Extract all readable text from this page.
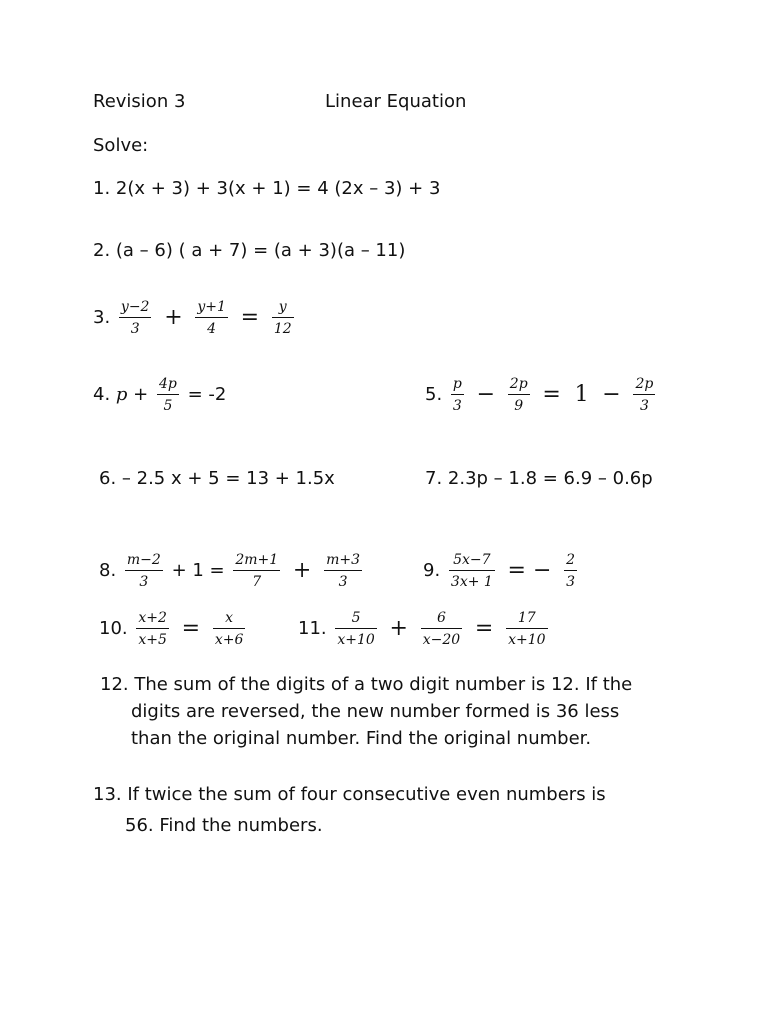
Revision 3	Linear Equation
Solve:
1. 2(x + 3) + 3(x + 1) = 4 (2x – 3) + 3
2. (a – 6) ( a + 7) = (a + 3)(a – 11)
3. $\frac{y-2}{3} + \frac{y+1}{4} = \frac{y}{12}$
4. $p + \frac{4p}{5} = -2$	5. $\frac{p}{3} - \frac{2p}{9} = 1 - \frac{2p}{3}$
6. – 2.5 x + 5 = 13 + 1.5x	7. 2.3p – 1.8 = 6.9 – 0.6p
8. $\frac{m-2}{3} + 1 = \frac{2m+1}{7} + \frac{m+3}{3}$	9. $\frac{5x-7}{3x+ 1}$ = − $\frac{2}{3}$
10. $\frac{x+2}{x+5} = \frac{x}{x+6}$	11. $\frac{5}{x+10} + \frac{6}{x-20} = \frac{17}{x+10}$
12. The sum of the digits of a two digit number is 12. If the
digits are reversed, the new number formed is 36 less
than the original number. Find the original number.
13. If twice the sum of four consecutive even numbers is
56. Find the numbers.
